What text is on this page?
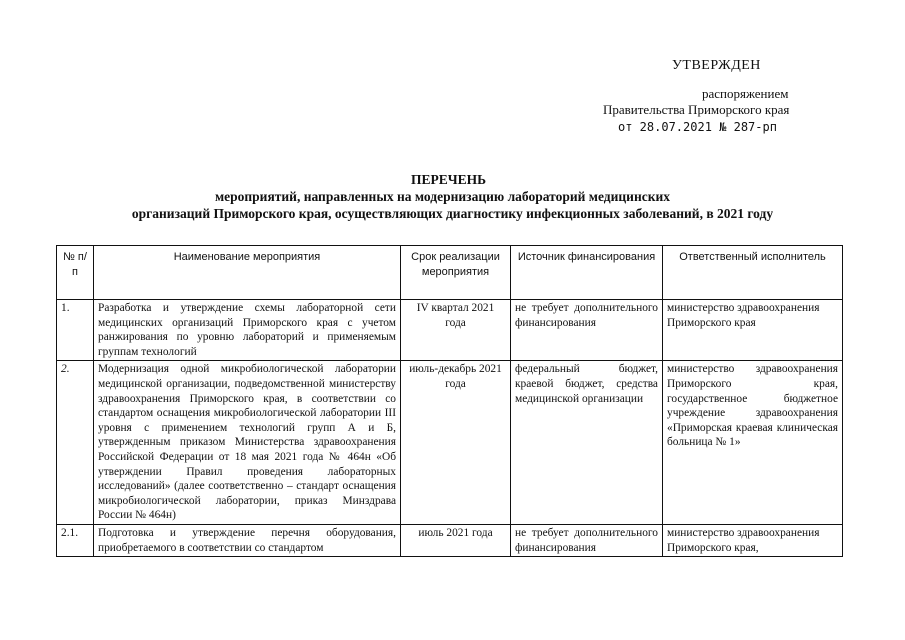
УТВЕРЖДЕН
распоряжением
Правительства Приморского края
от 28.07.2021 № 287-рп
ПЕРЕЧЕНЬ
мероприятий, направленных на модернизацию лабораторий медицинских
организаций Приморского края, осуществляющих диагностику инфекционных заболеваний, в 2021 году
№ п/п	Наименование мероприятия	Срок реализации мероприятия	Источник финансирования	Ответственный исполнитель
1.	Разработка и утверждение схемы лабораторной сети медицинских организаций Приморского края с учетом ранжирования по уровню лабораторий и применяемым группам технологий	IV квартал 2021 года	не требует дополнительного финансирования	министерство здравоохранения Приморского края
2.	Модернизация одной микробиологической лаборатории медицинской организации, подведомственной министерству здравоохранения Приморского края, в соответствии со стандартом оснащения микробиологической лаборатории III уровня с применением технологий групп А и Б, утвержденным приказом Министерства здравоохранения Российской Федерации от 18 мая 2021 года № 464н «Об утверждении Правил проведения лабораторных исследований» (далее соответственно – стандарт оснащения микробиологической лаборатории, приказ Минздрава России № 464н)	июль-декабрь 2021 года	федеральный бюджет, краевой бюджет, средства медицинской организации	министерство здравоохранения Приморского края, государственное бюджетное учреждение здравоохранения «Приморская краевая клиническая больница № 1»
2.1.	Подготовка и утверждение перечня оборудования, приобретаемого в соответствии со стандартом	июль 2021 года	не требует дополнительного финансирования	министерство здравоохранения Приморского края,
